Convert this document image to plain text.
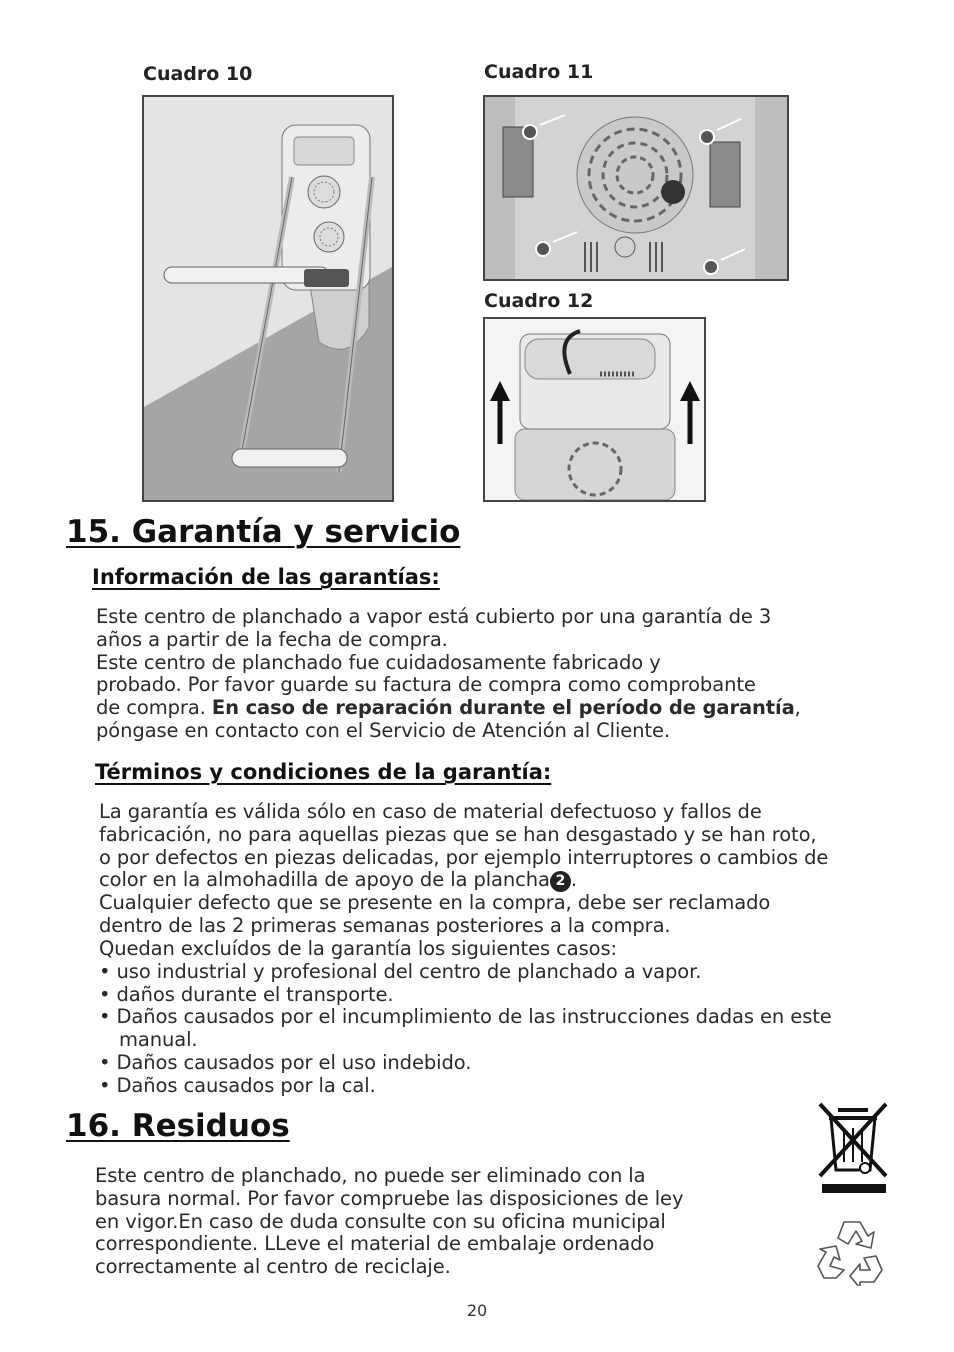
Cuadro 10	Cuadro 11
Cuadro 12
15. Garantía y servicio
Información de las garantías:

Este centro de planchado a vapor está cubierto por una garantía de 3

años a partir de la fecha de compra.

Este centro de planchado fue cuidadosamente fabricado y

probado. Por favor guarde su factura de compra como comprobante

de compra. En caso de reparación durante el período de garantía,

póngase en contacto con el Servicio de Atención al Cliente.

Términos y condiciones de la garantía:

La garantía es válida sólo en caso de material defectuoso y fallos de

fabricación, no para aquellas piezas que se han desgastado y se han roto,

o por defectos en piezas delicadas, por ejemplo interruptores o cambios de

color en la almohadilla de apoyo de la plancha 2 .

Cualquier defecto que se presente en la compra, debe ser reclamado

dentro de las 2 primeras semanas posteriores a la compra.

Quedan excluídos de la garantía los siguientes casos:

• uso industrial y profesional del centro de planchado a vapor.

• daños durante el transporte.

• Daños causados por el incumplimiento de las instrucciones dadas en este manual.

• Daños causados por el uso indebido.

• Daños causados por la cal.

16. Residuos

Este centro de planchado, no puede ser eliminado con la

basura normal. Por favor compruebe las disposiciones de ley

en vigor.En caso de duda consulte con su oficina municipal

correspondiente. LLeve el material de embalaje ordenado

correctamente al centro de reciclaje.

20
